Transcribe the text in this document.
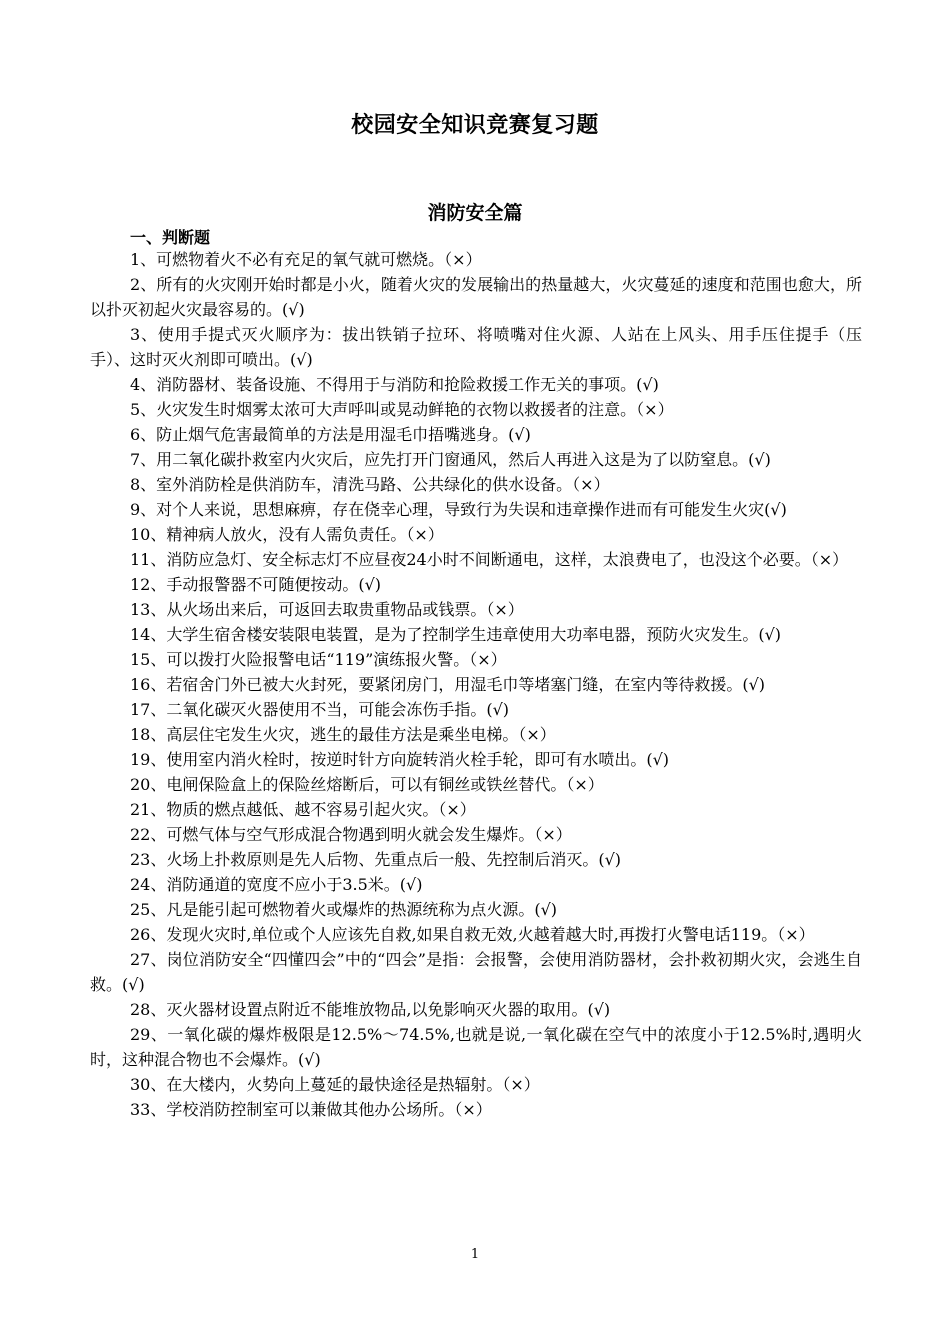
校园安全知识竞赛复习题
消防安全篇
一、判断题

1、可燃物着火不必有充足的氧气就可燃烧。（×）

2、所有的火灾刚开始时都是小火，随着火灾的发展输出的热量越大，火灾蔓延的速度和范围也愈大，所以扑灭初起火灾最容易的。(√)

3、使用手提式灭火顺序为：拔出铁销子拉环、将喷嘴对住火源、人站在上风头、用手压住提手（压手）、这时灭火剂即可喷出。(√)

4、消防器材、装备设施、不得用于与消防和抢险救援工作无关的事项。(√)

5、火灾发生时烟雾太浓可大声呼叫或晃动鲜艳的衣物以救援者的注意。（×）

6、防止烟气危害最简单的方法是用湿毛巾捂嘴逃身。(√)

7、用二氧化碳扑救室内火灾后，应先打开门窗通风，然后人再进入这是为了以防窒息。(√)

8、室外消防栓是供消防车，清洗马路、公共绿化的供水设备。（×）

9、对个人来说，思想麻痹，存在侥幸心理，导致行为失误和违章操作进而有可能发生火灾(√)

10、精神病人放火，没有人需负责任。（×）

11、消防应急灯、安全标志灯不应昼夜24小时不间断通电，这样，太浪费电了，也没这个必要。（×）

12、手动报警器不可随便按动。(√)

13、从火场出来后，可返回去取贵重物品或钱票。（×）

14、大学生宿舍楼安装限电装置，是为了控制学生违章使用大功率电器，预防火灾发生。(√)

15、可以拨打火险报警电话“119”演练报火警。（×）

16、若宿舍门外已被大火封死，要紧闭房门，用湿毛巾等堵塞门缝，在室内等待救援。(√)

17、二氧化碳灭火器使用不当，可能会冻伤手指。(√)

18、高层住宅发生火灾，逃生的最佳方法是乘坐电梯。（×）

19、使用室内消火栓时，按逆时针方向旋转消火栓手轮，即可有水喷出。(√)

20、电闸保险盒上的保险丝熔断后，可以有铜丝或铁丝替代。（×）

21、物质的燃点越低、越不容易引起火灾。（×）

22、可燃气体与空气形成混合物遇到明火就会发生爆炸。（×）

23、火场上扑救原则是先人后物、先重点后一般、先控制后消灭。(√)

24、消防通道的宽度不应小于3.5米。(√)

25、凡是能引起可燃物着火或爆炸的热源统称为点火源。(√)

26、发现火灾时,单位或个人应该先自救,如果自救无效,火越着越大时,再拨打火警电话119。（×）

27、岗位消防安全“四懂四会”中的“四会”是指：会报警，会使用消防器材，会扑救初期火灾，会逃生自救。(√)

28、灭火器材设置点附近不能堆放物品,以免影响灭火器的取用。(√)

29、一氧化碳的爆炸极限是12.5%～74.5%,也就是说,一氧化碳在空气中的浓度小于12.5%时,遇明火时，这种混合物也不会爆炸。(√)

30、在大楼内，火势向上蔓延的最快途径是热辐射。（×）

33、学校消防控制室可以兼做其他办公场所。（×）

1
